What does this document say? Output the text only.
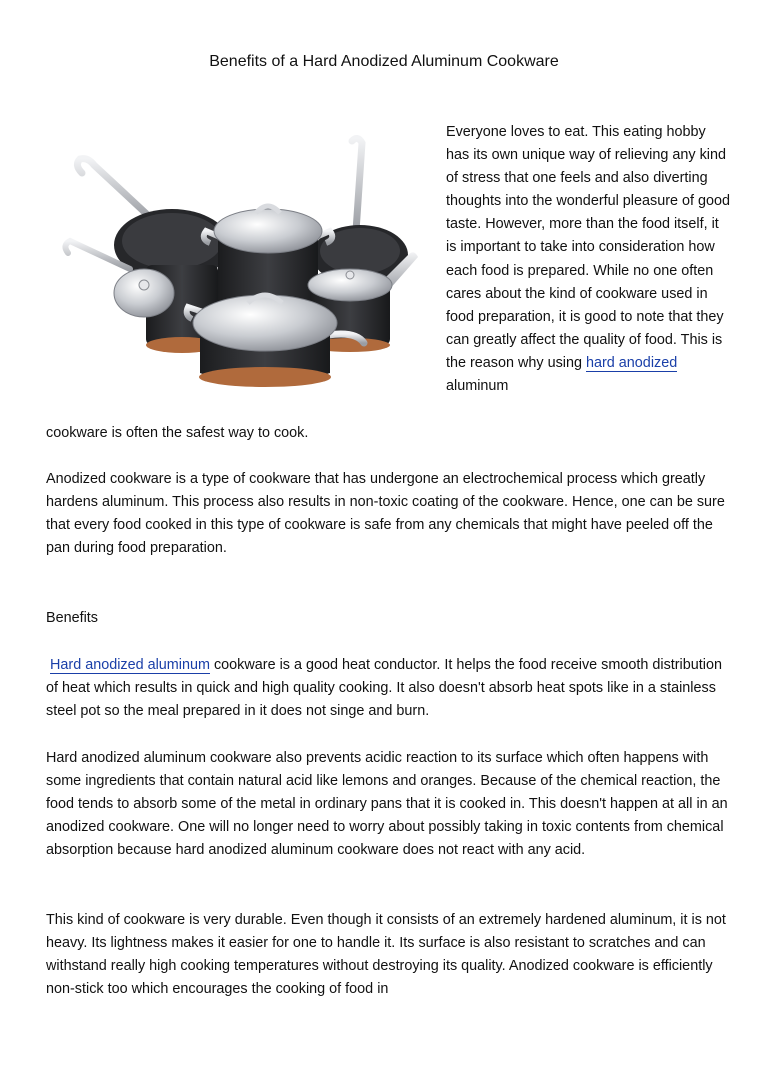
Benefits of a Hard Anodized Aluminum Cookware

Everyone loves to eat. This eating hobby has its own unique way of relieving any kind of stress that one feels and also diverting thoughts into the wonderful pleasure of good taste. However, more than the food itself, it is important to take into consideration how each food is prepared. While no one often cares about the kind of cookware used in food preparation, it is good to note that they can greatly affect the quality of food. This is the reason why using hard anodized aluminum

cookware is often the safest way to cook.

Anodized cookware is a type of cookware that has undergone an electrochemical process which greatly hardens aluminum. This process also results in non-toxic coating of the cookware. Hence, one can be sure that every food cooked in this type of cookware is safe from any chemicals that might have peeled off the pan during food preparation.

Benefits

Hard anodized aluminum cookware is a good heat conductor. It helps the food receive smooth distribution of heat which results in quick and high quality cooking. It also doesn't absorb heat spots like in a stainless steel pot so the meal prepared in it does not singe and burn.

Hard anodized aluminum cookware also prevents acidic reaction to its surface which often happens with some ingredients that contain natural acid like lemons and oranges. Because of the chemical reaction, the food tends to absorb some of the metal in ordinary pans that it is cooked in. This doesn't happen at all in an anodized cookware. One will no longer need to worry about possibly taking in toxic contents from chemical absorption because hard anodized aluminum cookware does not react with any acid.

This kind of cookware is very durable. Even though it consists of an extremely hardened aluminum, it is not heavy. Its lightness makes it easier for one to handle it. Its surface is also resistant to scratches and can withstand really high cooking temperatures without destroying its quality. Anodized cookware is efficiently non-stick too which encourages the cooking of food in
